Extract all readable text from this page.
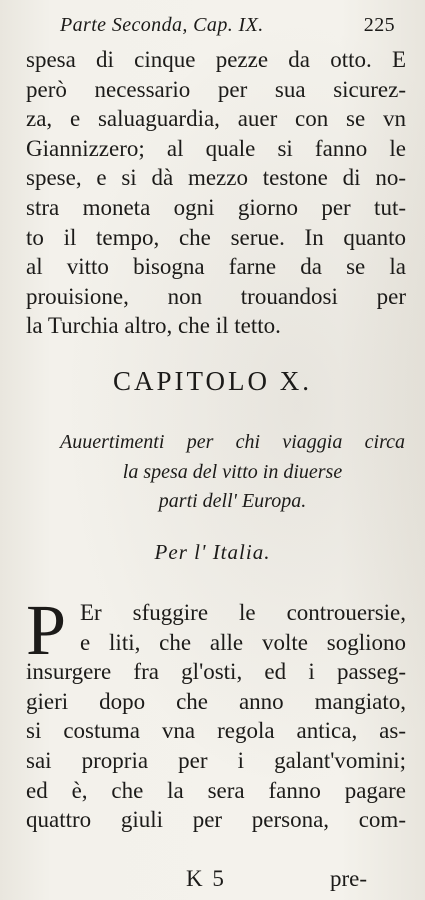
Parte Seconda, Cap. IX.	225
spesa di cinque pezze da otto. E
però necessario per sua sicurez-
za, e saluaguardia, auer con se vn
Giannizzero; al quale si fanno le
spese, e si dà mezzo testone di no-
stra moneta ogni giorno per tut-
to il tempo, che serue. In quanto
al vitto bisogna farne da se la
prouisione, non trouandosi per
la Turchia altro, che il tetto.
CAPITOLO X.
Auuertimenti per chi viaggia circa
la spesa del vitto in diuerse
parti dell' Europa.
Per l' Italia.
P Er sfuggire le controuersie,
e liti, che alle volte sogliono
insurgere fra gl'osti, ed i passeg-
gieri dopo che anno mangiato,
si costuma vna regola antica, as-
sai propria per i galant'vomini;
ed è, che la sera fanno pagare
quattro giuli per persona, com-
K 5	pre-
